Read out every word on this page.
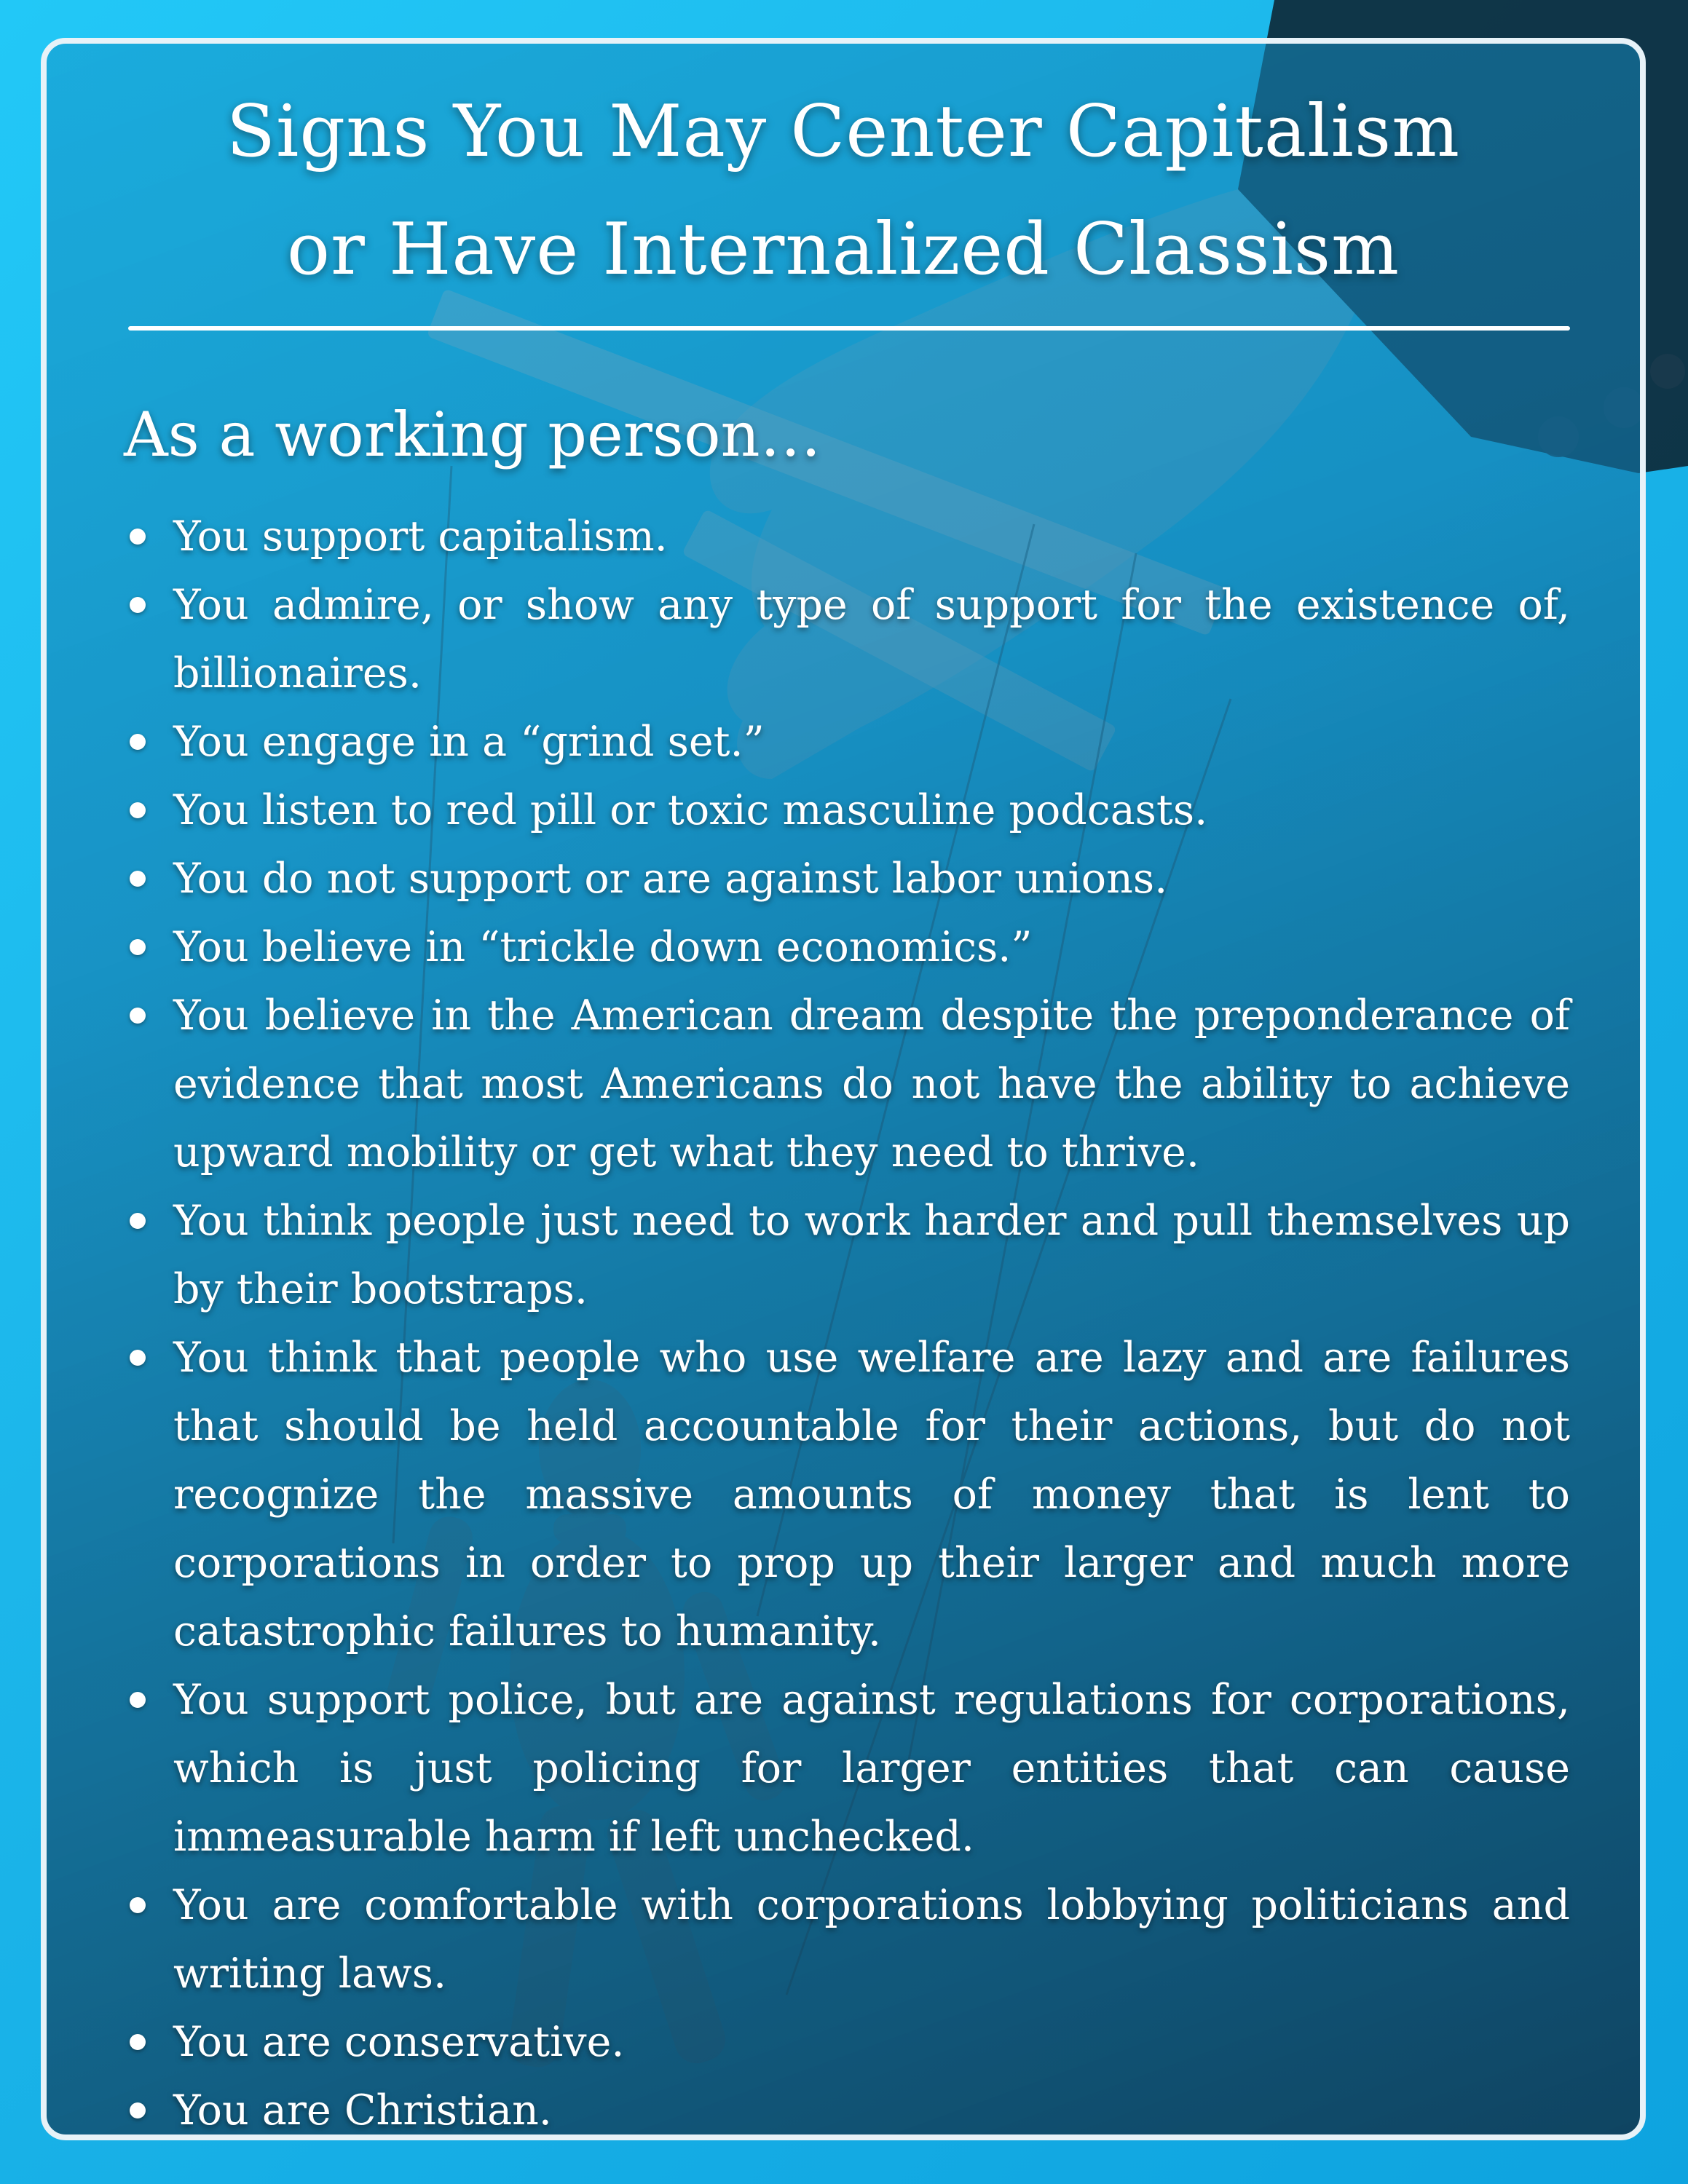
Signs You May Center Capitalism
or Have Internalized Classism
As a working person…
You support capitalism.
You admire, or show any type of support for the existence of, billionaires.
You engage in a “grind set.”
You listen to red pill or toxic masculine podcasts.
You do not support or are against labor unions.
You believe in “trickle down economics.”
You believe in the American dream despite the preponderance of evidence that most Americans do not have the ability to achieve upward mobility or get what they need to thrive.
You think people just need to work harder and pull themselves up by their bootstraps.
You think that people who use welfare are lazy and are failures that should be held accountable for their actions, but do not recognize the massive amounts of money that is lent to corporations in order to prop up their larger and much more catastrophic failures to humanity.
You support police, but are against regulations for corporations, which is just policing for larger entities that can cause immeasurable harm if left unchecked.
You are comfortable with corporations lobbying politicians and writing laws.
You are conservative.
You are Christian.
